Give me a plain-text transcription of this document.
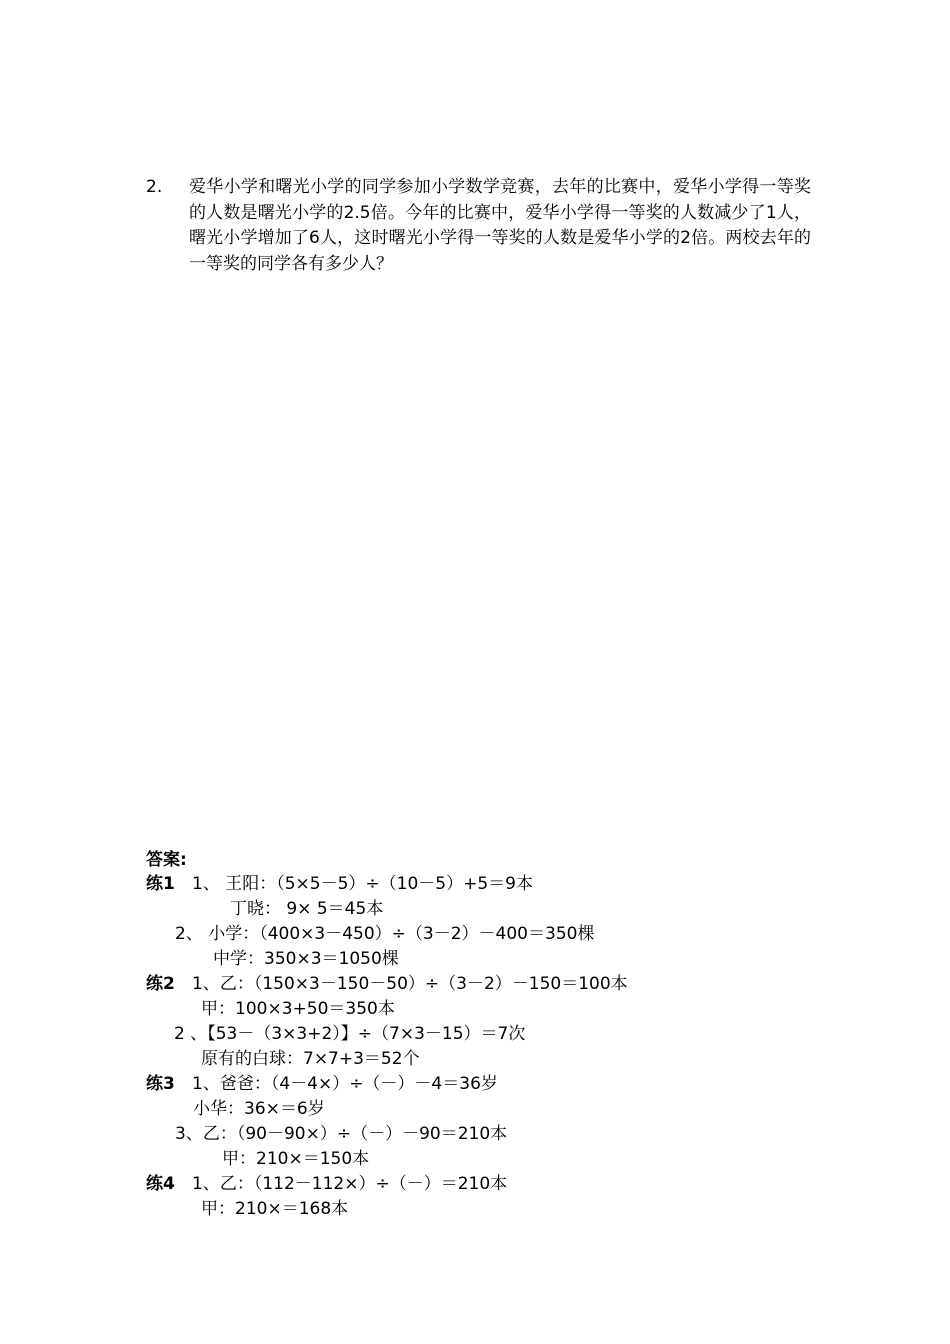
2. 爱华小学和曙光小学的同学参加小学数学竞赛，去年的比赛中，爱华小学得一等奖的人数是曙光小学的2.5倍。今年的比赛中，爱华小学得一等奖的人数减少了1人，曙光小学增加了6人，这时曙光小学得一等奖的人数是爱华小学的2倍。两校去年的一等奖的同学各有多少人？
答案:
练1 1、 王阳：（5×5－5）÷（10－5）+5＝9本
丁晓： 9× 5＝45本
2、 小学：（400×3－450）÷（3－2）－400＝350棵
中学：350×3＝1050棵
练2 1、乙：（150×3－150－50）÷（3－2）－150＝100本
甲：100×3+50＝350本
2 、【53－（3×3+2）】÷（7×3－15）＝7次
原有的白球：7×7+3＝52个
练3 1、爸爸：（4－4×）÷（－）－4＝36岁
小华：36×＝6岁
3、乙：（90－90×）÷（－）－90＝210本
甲：210×＝150本
练4 1、乙：（112－112×）÷（－）＝210本
甲：210×＝168本
